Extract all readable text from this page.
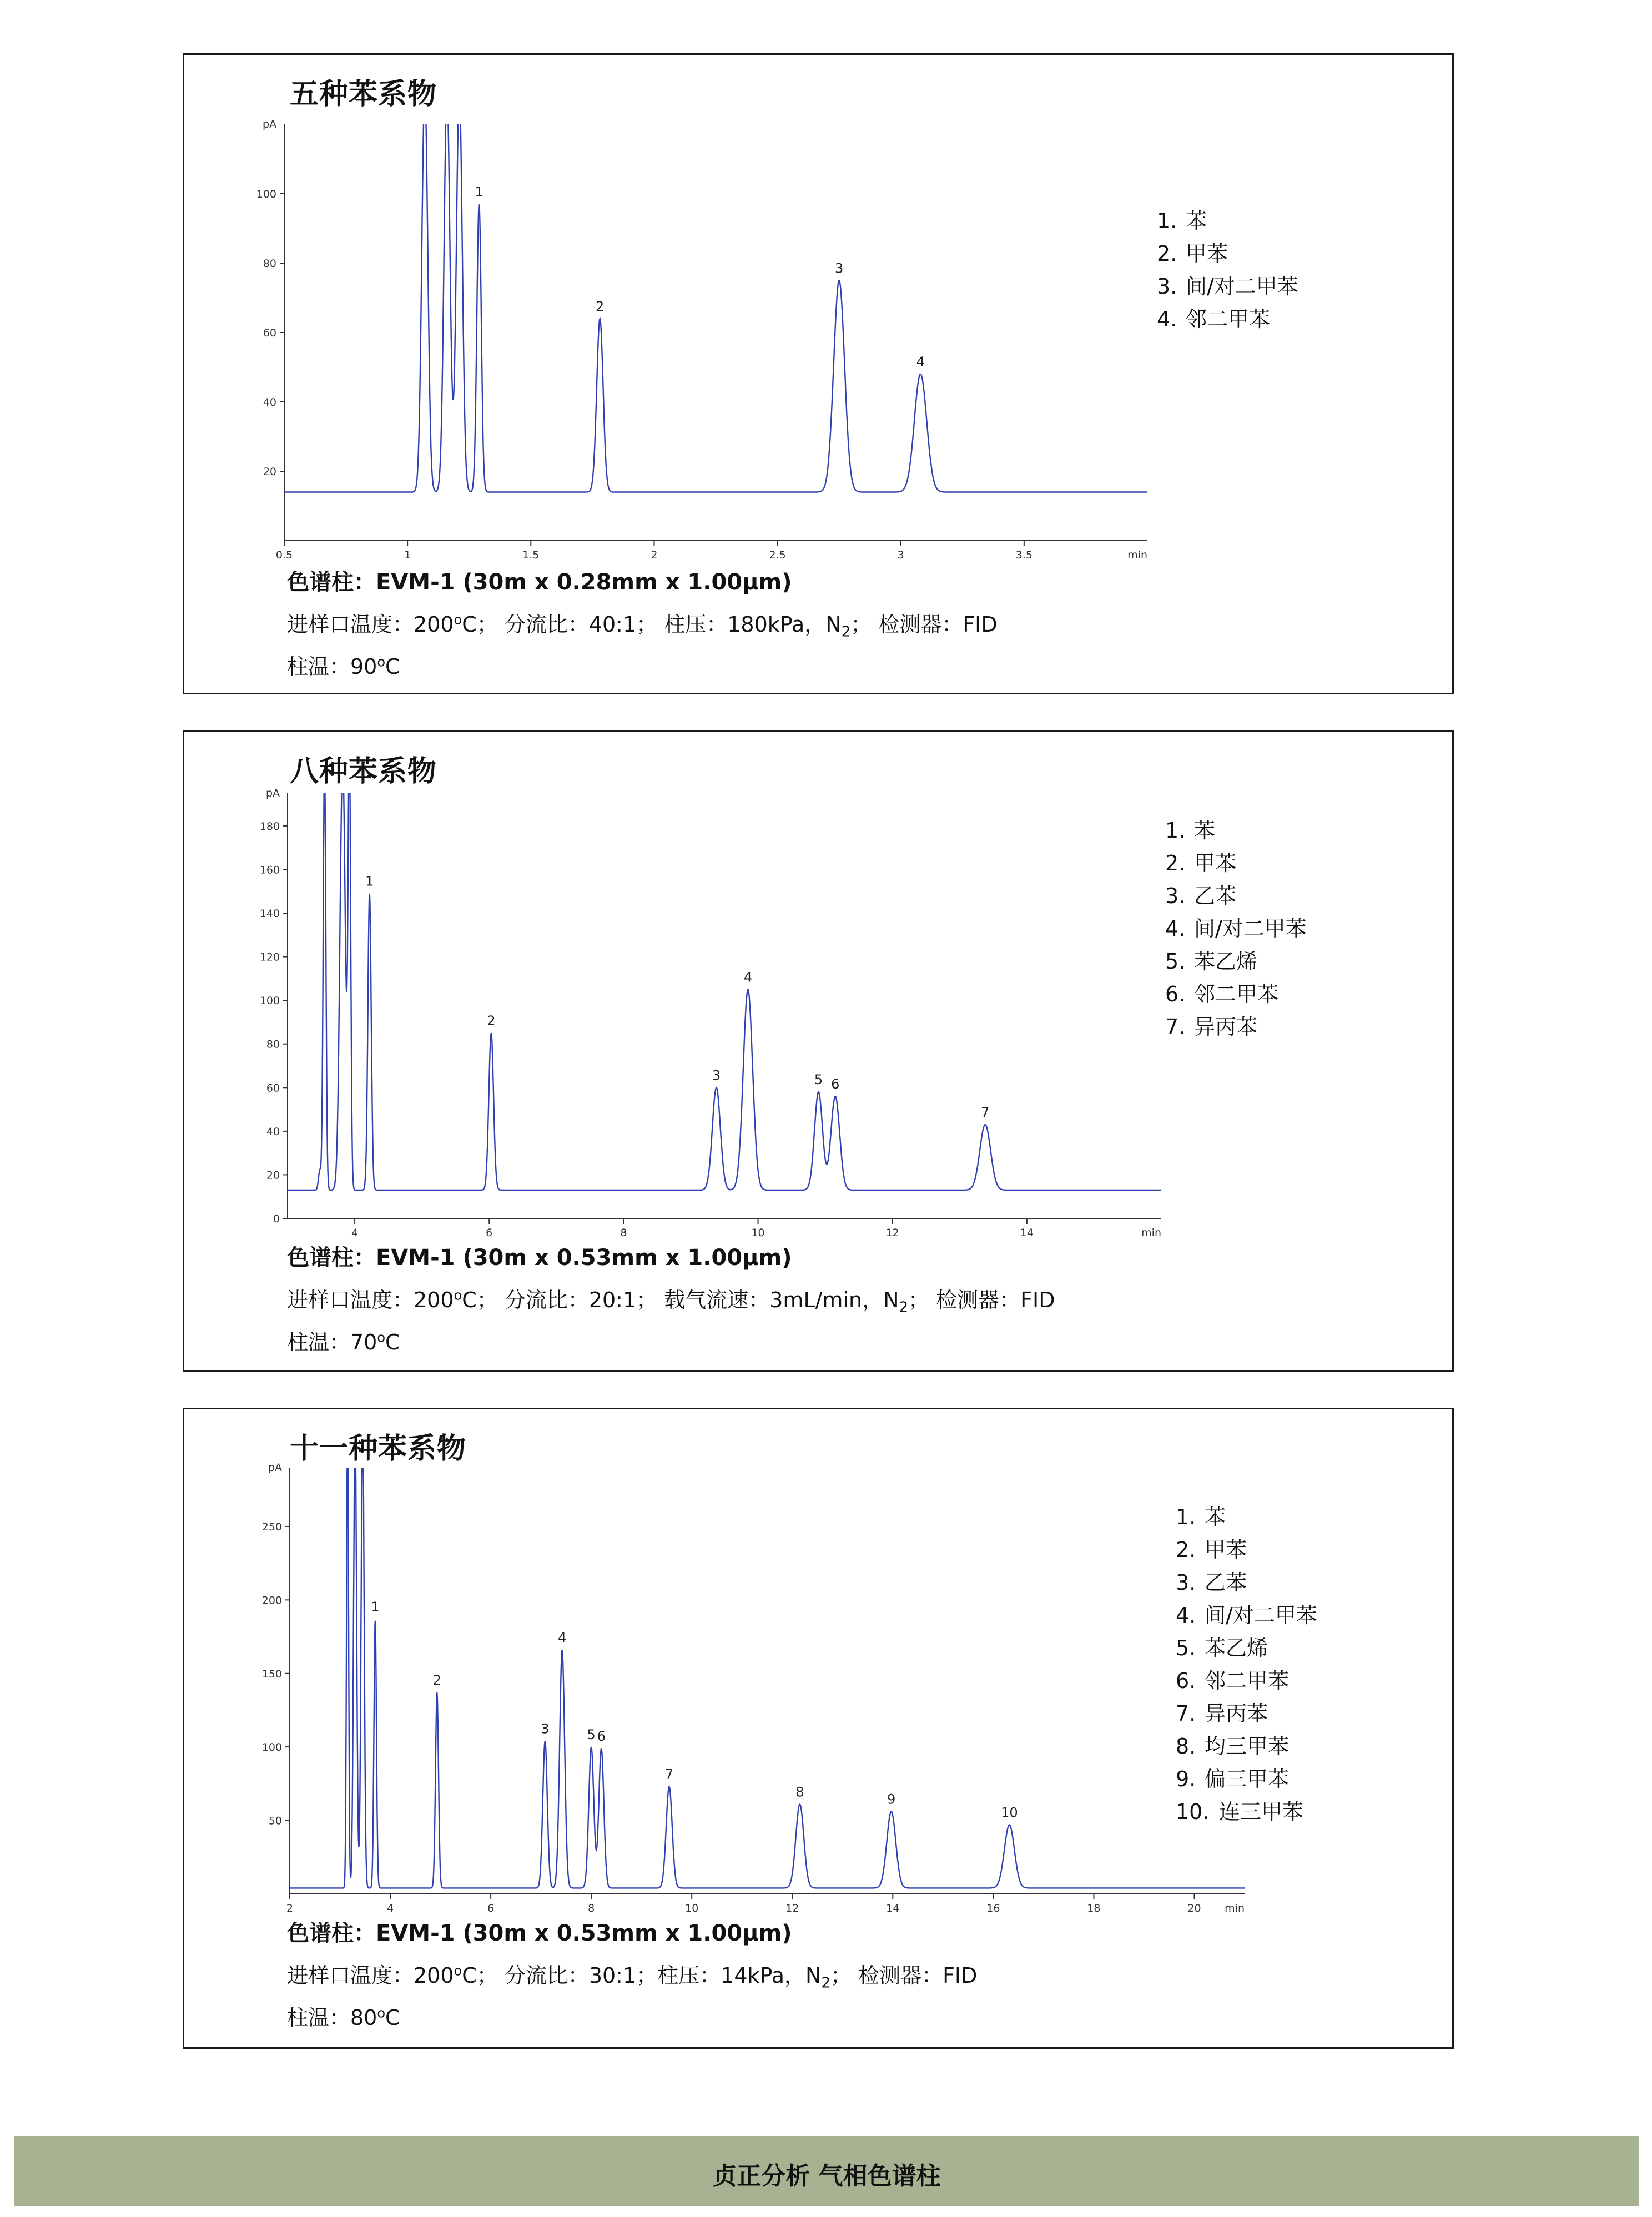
五种苯系物
20
40
60
80
100
pA
0.5	1	1.5	2	2.5	3	3.5	min
1
2
3
4
1. 苯
2. 甲苯
3. 间/对二甲苯
4. 邻二甲苯
色谱柱：EVM-1 (30m x 0.28mm x 1.00μm)
进样口温度：200$^o$C； 分流比：40:1； 柱压：180kPa，$N_2$； 检测器：FID
柱温：90$^o$C
八种苯系物
0
20
40
60
80
100
120
140
160
180
pA
4	6	8	10	12	14	min
1
2
3
4
5 6
7
1. 苯
2. 甲苯
3. 乙苯
4. 间/对二甲苯
5. 苯乙烯
6. 邻二甲苯
7. 异丙苯
色谱柱：EVM-1 (30m x 0.53mm x 1.00μm)
进样口温度：200$^o$C； 分流比：20:1； 载气流速：3mL/min，$N_2$； 检测器：FID
柱温：70$^o$C
十一种苯系物
50
100
150
200
250
pA
2	4	6	8	10	12	14	16	18	20 min
1
2
3
4
5 6
7
8	9
10
1. 苯
2. 甲苯
3. 乙苯
4. 间/对二甲苯
5. 苯乙烯
6. 邻二甲苯
7. 异丙苯
8. 均三甲苯
9. 偏三甲苯
10. 连三甲苯
色谱柱：EVM-1 (30m x 0.53mm x 1.00μm)
进样口温度：200$^o$C； 分流比：30:1；柱压：14kPa，$N_2$； 检测器：FID
柱温：80$^o$C
贞正分析 气相色谱柱
